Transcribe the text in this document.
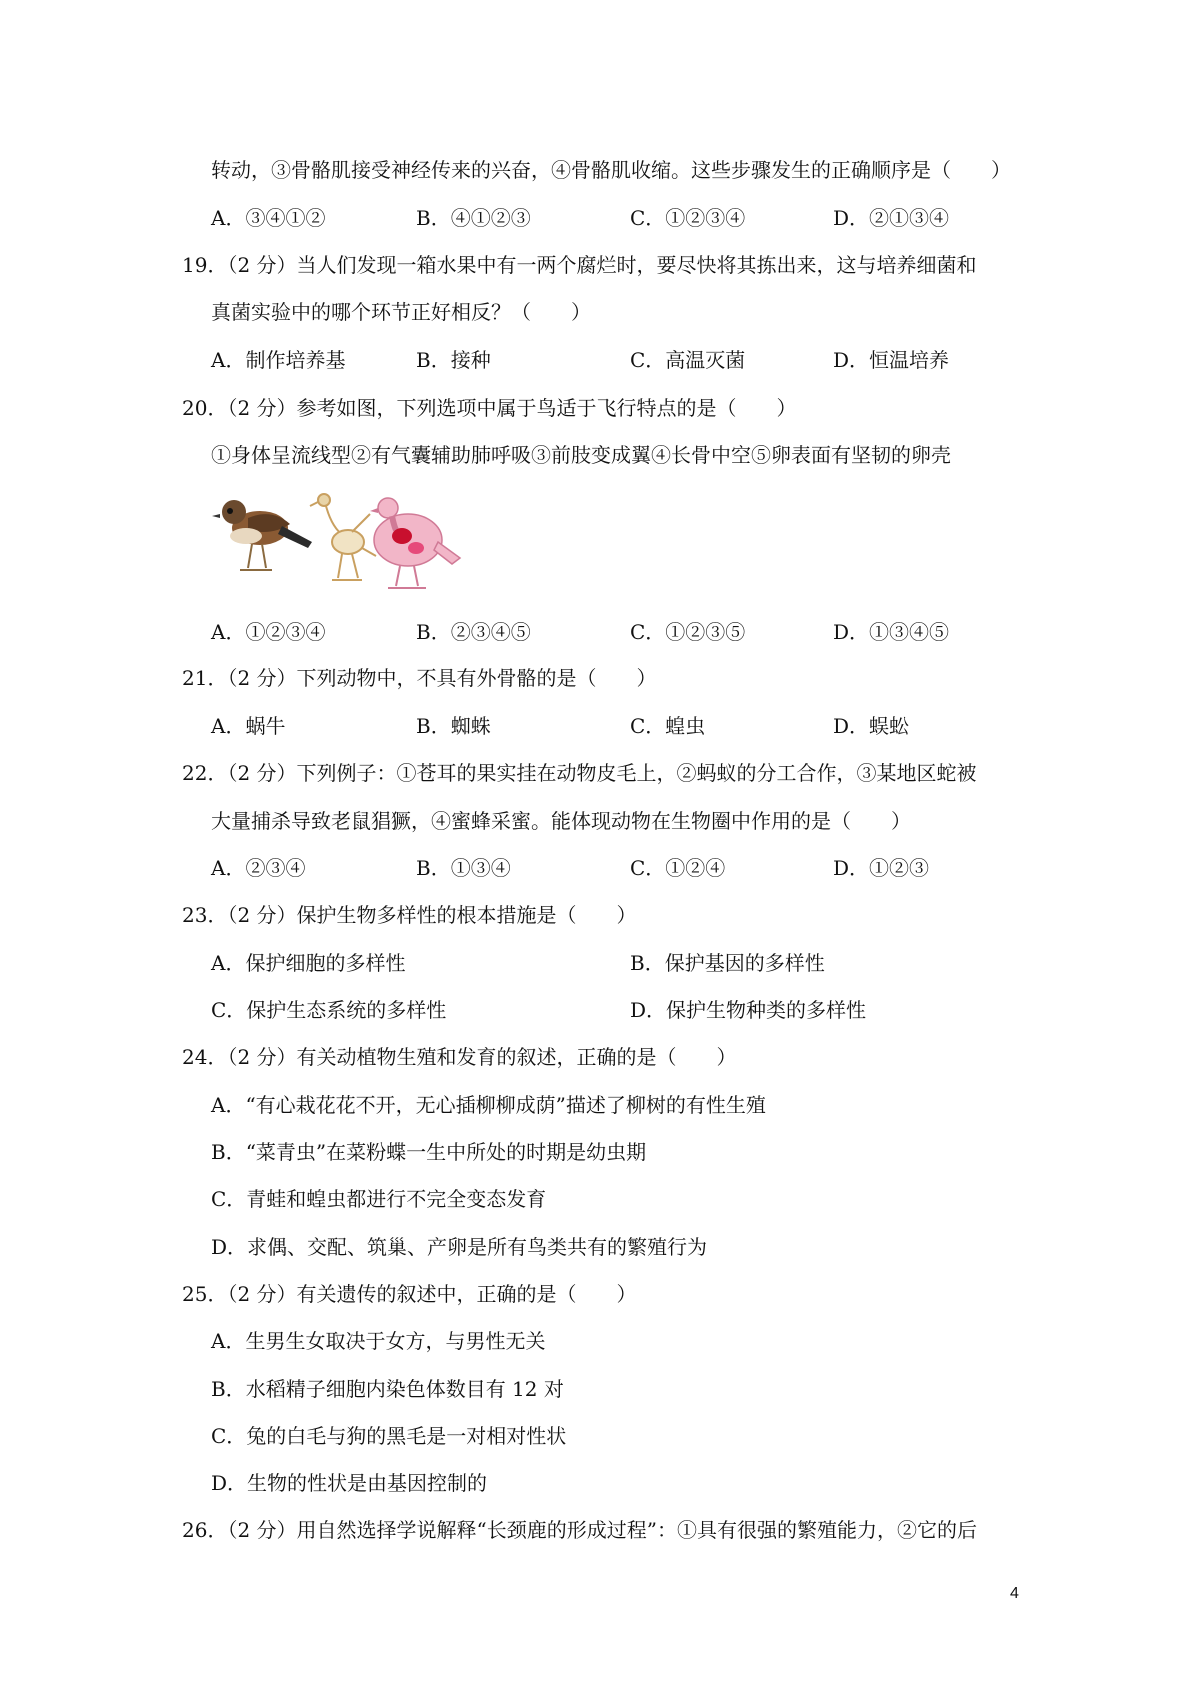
转动，③骨骼肌接受神经传来的兴奋，④骨骼肌收缩。这些步骤发生的正确顺序是（　　）
A．③④①②	B．④①②③	C．①②③④	D．②①③④
19．（2 分）当人们发现一箱水果中有一两个腐烂时，要尽快将其拣出来，这与培养细菌和
真菌实验中的哪个环节正好相反？（　　）
A．制作培养基	B．接种	C．高温灭菌	D．恒温培养
20．（2 分）参考如图，下列选项中属于鸟适于飞行特点的是（　　）
①身体呈流线型②有气囊辅助肺呼吸③前肢变成翼④长骨中空⑤卵表面有坚韧的卵壳
A．①②③④	B．②③④⑤	C．①②③⑤	D．①③④⑤
21．（2 分）下列动物中，不具有外骨骼的是（　　）
A．蜗牛	B．蜘蛛	C．蝗虫	D．蜈蚣
22．（2 分）下列例子：①苍耳的果实挂在动物皮毛上，②蚂蚁的分工合作，③某地区蛇被
大量捕杀导致老鼠猖獗，④蜜蜂采蜜。能体现动物在生物圈中作用的是（　　）
A．②③④	B．①③④	C．①②④	D．①②③
23．（2 分）保护生物多样性的根本措施是（　　）
A．保护细胞的多样性	B．保护基因的多样性
C．保护生态系统的多样性	D．保护生物种类的多样性
24．（2 分）有关动植物生殖和发育的叙述，正确的是（　　）
A．“有心栽花花不开，无心插柳柳成荫”描述了柳树的有性生殖
B．“菜青虫”在菜粉蝶一生中所处的时期是幼虫期
C．青蛙和蝗虫都进行不完全变态发育
D．求偶、交配、筑巢、产卵是所有鸟类共有的繁殖行为
25．（2 分）有关遗传的叙述中，正确的是（　　）
A．生男生女取决于女方，与男性无关
B．水稻精子细胞内染色体数目有 12 对
C．兔的白毛与狗的黑毛是一对相对性状
D．生物的性状是由基因控制的
26．（2 分）用自然选择学说解释“长颈鹿的形成过程”：①具有很强的繁殖能力，②它的后
4
